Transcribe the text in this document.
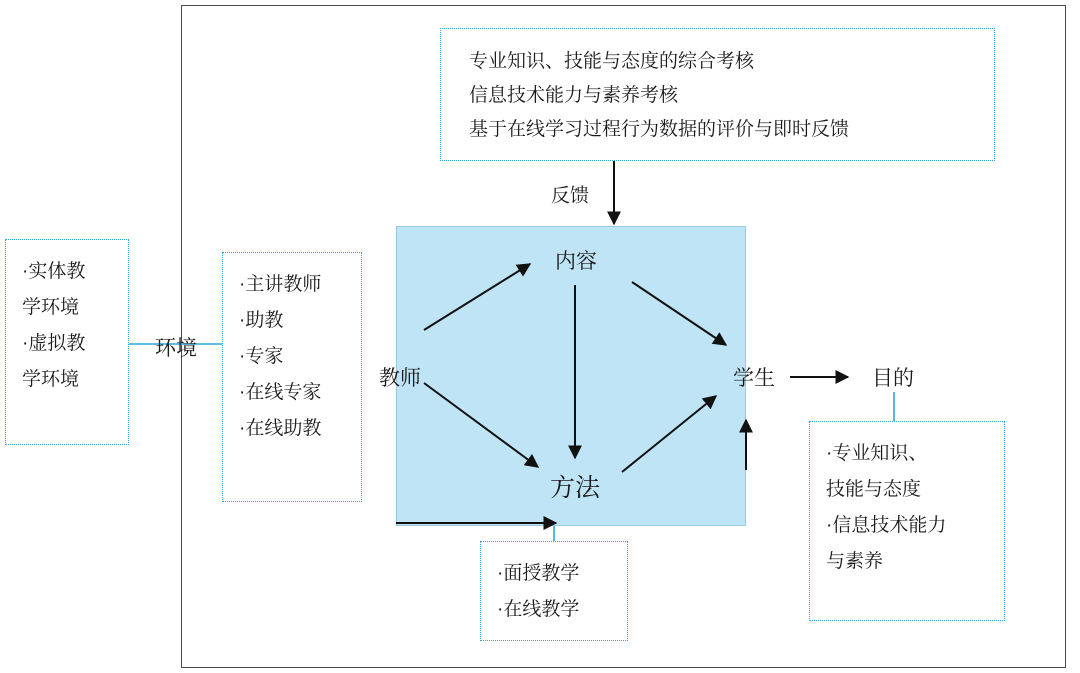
专业知识、技能与态度的综合考核
信息技术能力与素养考核
基于在线学习过程行为数据的评价与即时反馈
·实体教
学环境
·虚拟教
学环境
·主讲教师
·助教
·专家
·在线专家
·在线助教
·面授教学
·在线教学
·专业知识、
技能与态度
·信息技术能力
与素养
环境
教师
内容
方法
学生	目的
反馈
